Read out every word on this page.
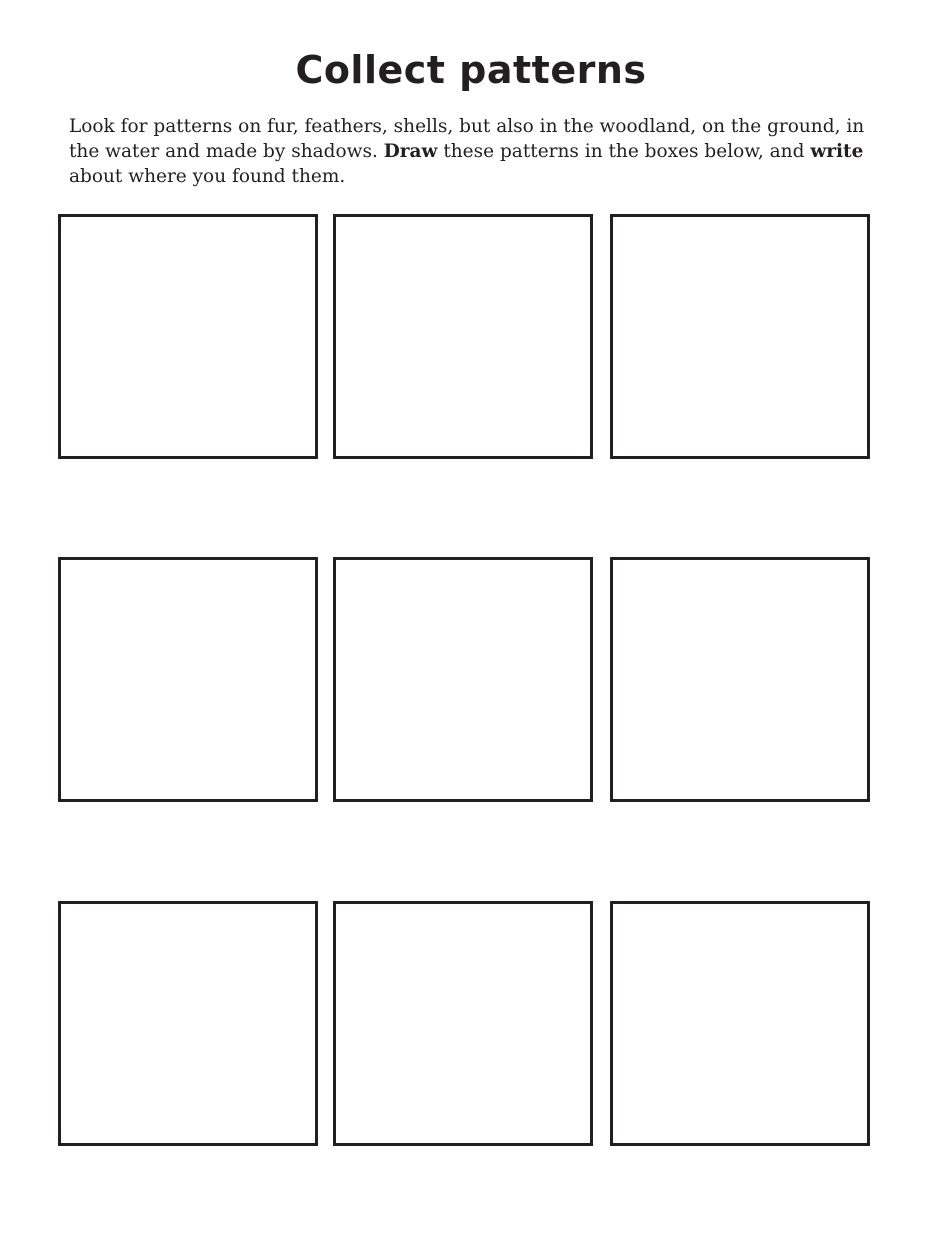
Collect patterns

Look for patterns on fur, feathers, shells, but also in the woodland, on the ground, in the water and made by shadows. Draw these patterns in the boxes below, and write about where you found them.
